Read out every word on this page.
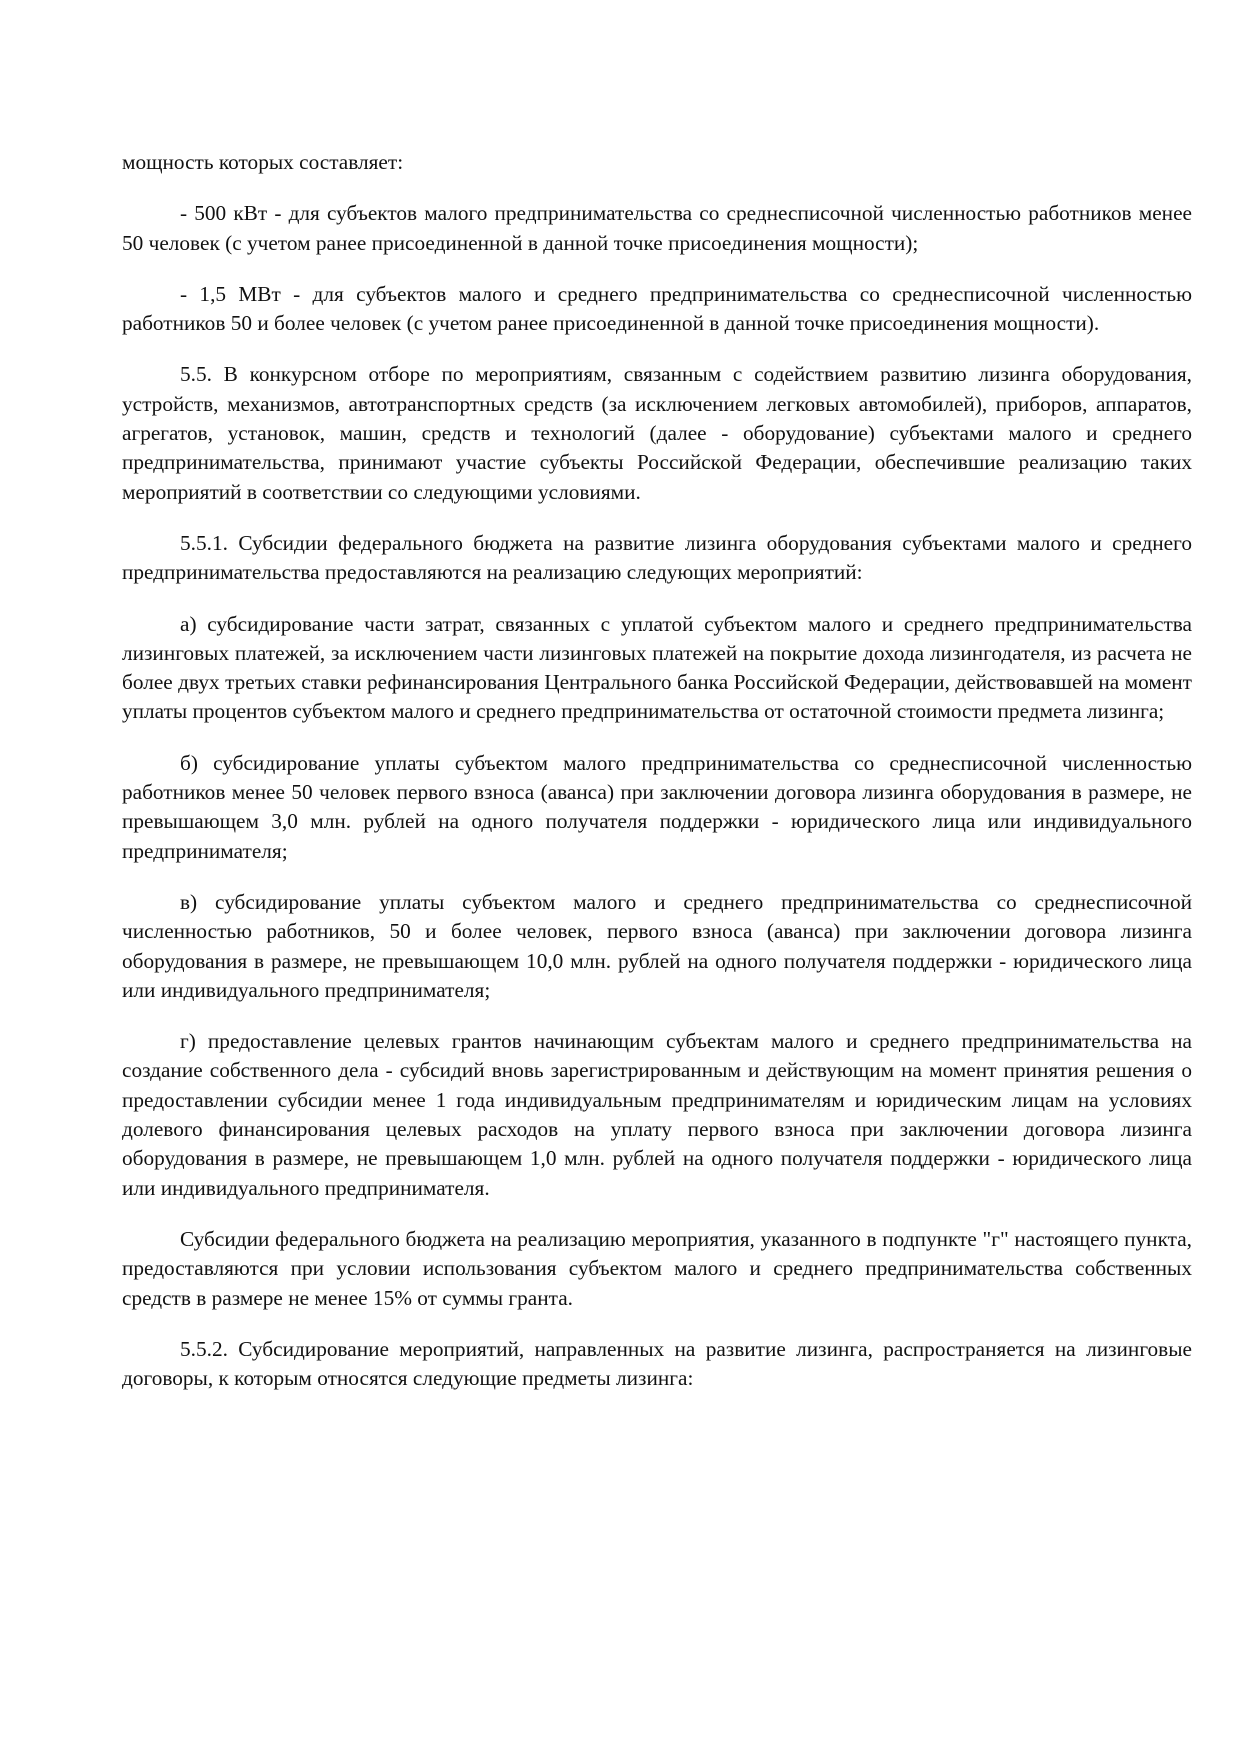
мощность которых составляет:

- 500 кВт - для субъектов малого предпринимательства со среднесписочной численностью работников менее 50 человек (с учетом ранее присоединенной в данной точке присоединения мощности);

- 1,5 МВт - для субъектов малого и среднего предпринимательства со среднесписочной численностью работников 50 и более человек (с учетом ранее присоединенной в данной точке присоединения мощности).

5.5. В конкурсном отборе по мероприятиям, связанным с содействием развитию лизинга оборудования, устройств, механизмов, автотранспортных средств (за исключением легковых автомобилей), приборов, аппаратов, агрегатов, установок, машин, средств и технологий (далее - оборудование) субъектами малого и среднего предпринимательства, принимают участие субъекты Российской Федерации, обеспечившие реализацию таких мероприятий в соответствии со следующими условиями.

5.5.1. Субсидии федерального бюджета на развитие лизинга оборудования субъектами малого и среднего предпринимательства предоставляются на реализацию следующих мероприятий:

а) субсидирование части затрат, связанных с уплатой субъектом малого и среднего предпринимательства лизинговых платежей, за исключением части лизинговых платежей на покрытие дохода лизингодателя, из расчета не более двух третьих ставки рефинансирования Центрального банка Российской Федерации, действовавшей на момент уплаты процентов субъектом малого и среднего предпринимательства от остаточной стоимости предмета лизинга;

б) субсидирование уплаты субъектом малого предпринимательства со среднесписочной численностью работников менее 50 человек первого взноса (аванса) при заключении договора лизинга оборудования в размере, не превышающем 3,0 млн. рублей на одного получателя поддержки - юридического лица или индивидуального предпринимателя;

в) субсидирование уплаты субъектом малого и среднего предпринимательства со среднесписочной численностью работников, 50 и более человек, первого взноса (аванса) при заключении договора лизинга оборудования в размере, не превышающем 10,0 млн. рублей на одного получателя поддержки - юридического лица или индивидуального предпринимателя;

г) предоставление целевых грантов начинающим субъектам малого и среднего предпринимательства на создание собственного дела - субсидий вновь зарегистрированным и действующим на момент принятия решения о предоставлении субсидии менее 1 года индивидуальным предпринимателям и юридическим лицам на условиях долевого финансирования целевых расходов на уплату первого взноса при заключении договора лизинга оборудования в размере, не превышающем 1,0 млн. рублей на одного получателя поддержки - юридического лица или индивидуального предпринимателя.

Субсидии федерального бюджета на реализацию мероприятия, указанного в подпункте "г" настоящего пункта, предоставляются при условии использования субъектом малого и среднего предпринимательства собственных средств в размере не менее 15% от суммы гранта.

5.5.2. Субсидирование мероприятий, направленных на развитие лизинга, распространяется на лизинговые договоры, к которым относятся следующие предметы лизинга:
